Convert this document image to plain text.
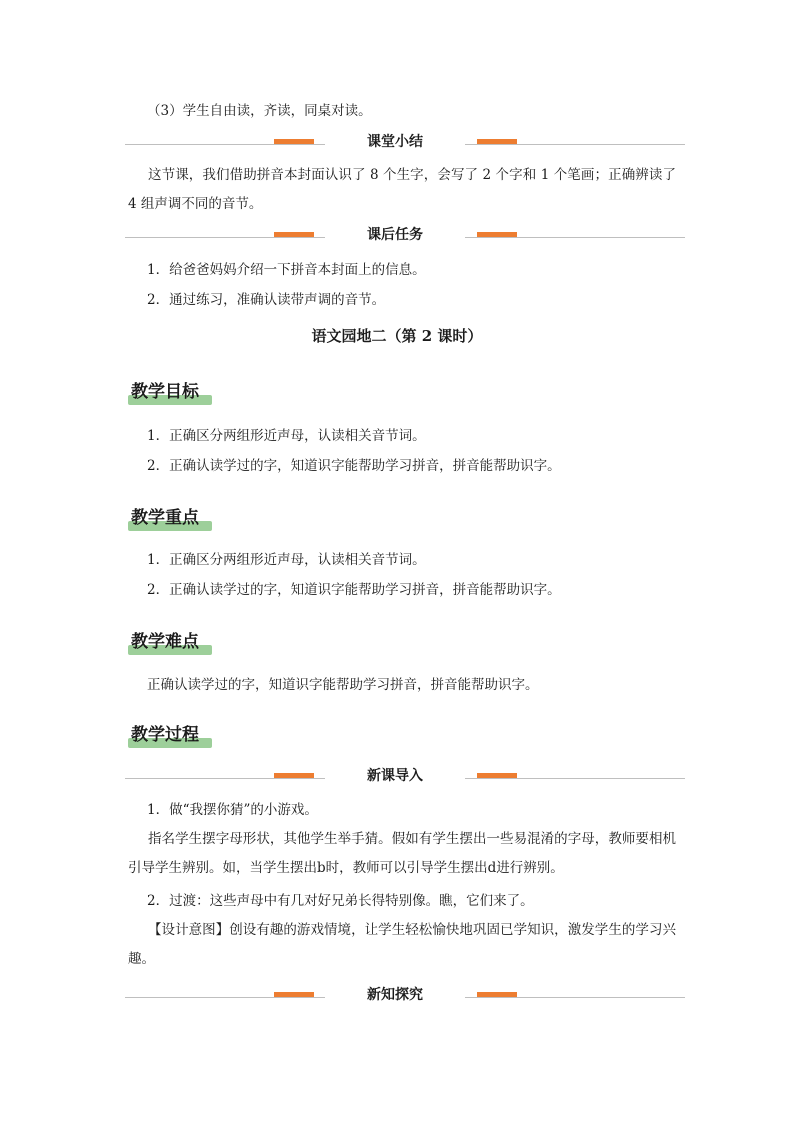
（3）学生自由读，齐读，同桌对读。
课堂小结
这节课，我们借助拼音本封面认识了 8 个生字，会写了 2 个字和 1 个笔画；正确辨读了 4 组声调不同的音节。
课后任务
1．给爸爸妈妈介绍一下拼音本封面上的信息。
2．通过练习，准确认读带声调的音节。
语文园地二（第 2 课时）
教学目标
1．正确区分两组形近声母，认读相关音节词。
2．正确认读学过的字，知道识字能帮助学习拼音，拼音能帮助识字。
教学重点
1．正确区分两组形近声母，认读相关音节词。
2．正确认读学过的字，知道识字能帮助学习拼音，拼音能帮助识字。
教学难点
正确认读学过的字，知道识字能帮助学习拼音，拼音能帮助识字。
教学过程
新课导入
1．做“我摆你猜”的小游戏。
指名学生摆字母形状，其他学生举手猜。假如有学生摆出一些易混淆的字母，教师要相机引导学生辨别。如，当学生摆出b时，教师可以引导学生摆出d进行辨别。
2．过渡：这些声母中有几对好兄弟长得特别像。瞧，它们来了。
【设计意图】创设有趣的游戏情境，让学生轻松愉快地巩固已学知识，激发学生的学习兴趣。
新知探究
